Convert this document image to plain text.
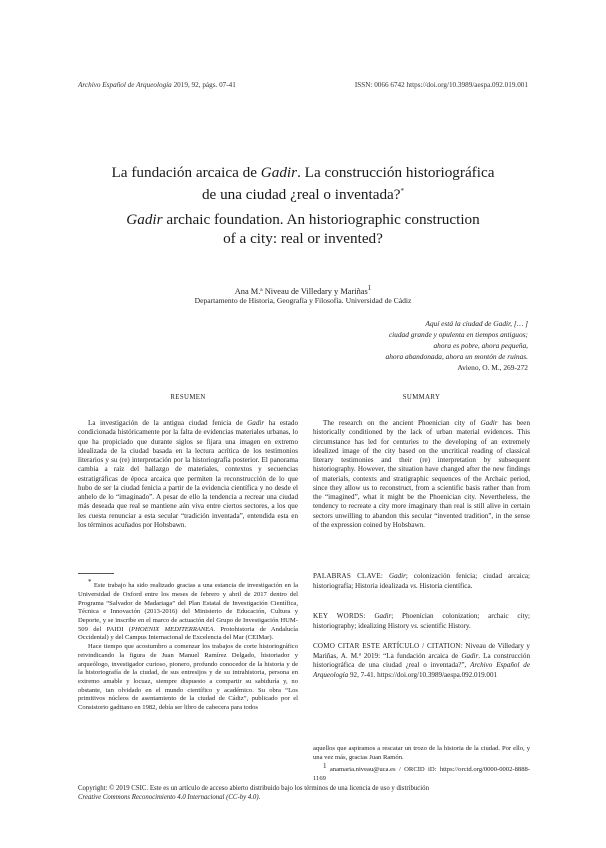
Archivo Español de Arqueología 2019, 92, págs. 07-41	ISSN: 0066 6742 https://doi.org/10.3989/aespa.092.019.001
La fundación arcaica de Gadir. La construcción historiográfica
de una ciudad ¿real o inventada?*
Gadir archaic foundation. An historiographic construction
of a city: real or invented?
Ana M.ª Niveau de Villedary y Mariñas$^1$
Departamento de Historia, Geografía y Filosofía. Universidad de Cádiz
Aquí está la ciudad de Gadir, [… ]
ciudad grande y opulenta en tiempos antiguos;
ahora es pobre, ahora pequeña,
ahora abandonada, ahora un montón de ruinas.
Avieno, O. M., 269-272
RESUMEN	SUMMARY
La investigación de la antigua ciudad fenicia de Gadir ha estado condicionada históricamente por la falta de evidencias materiales urbanas, lo que ha propiciado que durante siglos se fijara una imagen en extremo idealizada de la ciudad basada en la lectura acrítica de los testimonios literarios y su (re) interpretación por la historiografía posterior. El panorama cambia a raíz del hallazgo de materiales, contextos y secuencias estratigráficas de época arcaica que permiten la reconstrucción de lo que hubo de ser la ciudad fenicia a partir de la evidencia científica y no desde el anhelo de lo “imaginado”. A pesar de ello la tendencia a recrear una ciudad más deseada que real se mantiene aún viva entre ciertos sectores, a los que les cuesta renunciar a esta secular “tradición inventada”, entendida esta en los términos acuñados por Hobsbawn.
The research on the ancient Phoenician city of Gadir has been historically conditioned by the lack of urban material evidences. This circumstance has led for centuries to the developing of an extremely idealized image of the city based on the uncritical reading of classical literary testimonies and their (re) interpretation by subsequent historiography. However, the situation have changed after the new findings of materials, contexts and stratigraphic sequences of the Archaic period, since they allow us to reconstruct, from a scientific basis rather than from the “imagined”, what it might be the Phoenician city. Nevertheless, the tendency to recreate a city more imaginary than real is still alive in certain sectors unwilling to abandon this secular “invented tradition”, in the sense of the expression coined by Hobsbawn.
PALABRAS CLAVE: Gadir; colonización fenicia; ciudad arcaica; historiografía; Historia idealizada vs. Historia científica.
KEY WORDS: Gadir; Phoenician colonization; archaic city; historiography; idealizing History vs. scientific History.
COMO CITAR ESTE ARTÍCULO / CITATION: Niveau de Villedary y Mariñas, A. M.ª 2019: “La fundación arcaica de Gadir. La construcción historiográfica de una ciudad ¿real o inventada?”, Archivo Español de Arqueología 92, 7-41. https://doi.org/10.3989/aespa.092.019.001

* Este trabajo ha sido realizado gracias a una estancia de investigación en la Universidad de Oxford entre los meses de febrero y abril de 2017 dentro del Programa “Salvador de Madariaga” del Plan Estatal de Investigación Científica, Técnica e Innovación (2013-2016) del Ministerio de Educación, Cultura y Deporte, y se inscribe en el marco de actuación del Grupo de Investigación HUM-509 del PAIDI (PHOENIX MEDITERRANEA. Protohistoria de Andalucía Occidental) y del Campus Internacional de Excelencia del Mar (CEIMar).

Hace tiempo que acostumbro a comenzar los trabajos de corte historiográfico reivindicando la figura de Juan Manuel Ramírez Delgado, historiador y arqueólogo, investigador curioso, pionero, profundo conocedor de la historia y de la historiografía de la ciudad, de sus entresijos y de su intrahistoria, persona en extremo amable y locuaz, siempre dispuesto a compartir su sabiduría y, no obstante, tan olvidado en el mundo científico y académico. Su obra “Los primitivos núcleos de asentamiento de la ciudad de Cádiz”, publicado por el Consistorio gaditano en 1982, debía ser libro de cabecera para todos

aquellos que aspiramos a rescatar un trozo de la historia de la ciudad. Por ello, y una vez más, gracias Juan Ramón.

$^1$ anamaria.niveau@uca.es / ORCID iD: https://orcid.org/0000-0002-8888-1169

Copyright: © 2019 CSIC. Este es un artículo de acceso abierto distribuido bajo los términos de una licencia de uso y distribución
Creative Commons Reconocimiento 4.0 Internacional (CC-by 4.0).
